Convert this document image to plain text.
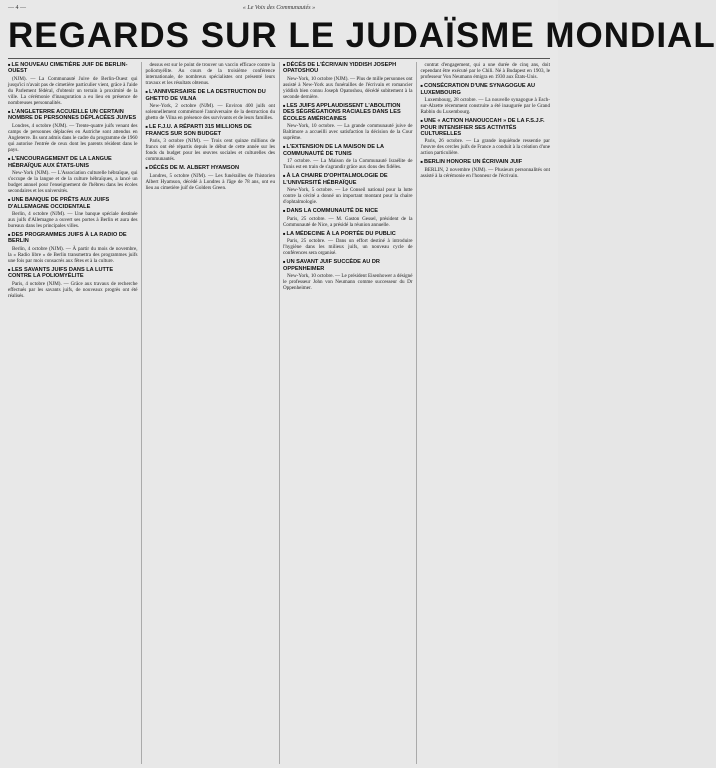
— 4 —	« Le Voix des Communautés »
REGARDS SUR LE JUDAÏSME MONDIAL
■ LE NOUVEAU CIMETIÈRE JUIF DE BERLIN-OUEST

(NJM). — La Communauté Juive de Berlin-Ouest qui jusqu'ici n'avait pas de cimetière particulier vient, grâce à l'aide du Parlement fédéral, d'obtenir un terrain à proximité de la ville. La cérémonie d'inauguration a eu lieu en présence de nombreuses personnalités.

■ L'ANGLETERRE ACCUEILLE UN CERTAIN NOMBRE DE PERSONNES DÉPLACÉES JUIVES

Londres, 4 octobre (NJM). — Trente-quatre juifs venant des camps de personnes déplacées en Autriche sont attendus en Angleterre. Ils sont admis dans le cadre du programme de 1960 qui autorise l'entrée de ceux dont les parents résident dans le pays.

■ L'ENCOURAGEMENT DE LA LANGUE HÉBRAÏQUE AUX ÉTATS-UNIS

New-York (NJM). — L'Association culturelle hébraïque, qui s'occupe de la langue et de la culture hébraïques, a lancé un budget annuel pour l'enseignement de l'hébreu dans les écoles secondaires et les universités.

■ UNE BANQUE DE PRÊTS AUX JUIFS D'ALLEMAGNE OCCIDENTALE

Berlin, 4 octobre (NJM). — Une banque spéciale destinée aux juifs d'Allemagne a ouvert ses portes à Berlin et aura des bureaux dans les principales villes.

■ DES PROGRAMMES JUIFS À LA RADIO DE BERLIN

Berlin, 4 octobre (NJM). — À partir du mois de novembre, la « Radio libre » de Berlin transmettra des programmes juifs une fois par mois consacrés aux fêtes et à la culture.

■ LES SAVANTS JUIFS DANS LA LUTTE CONTRE LA POLIOMYÉLITE

Paris, 4 octobre (NJM). — Grâce aux travaux de recherche effectués par les savants juifs, de nouveaux progrès ont été réalisés.

dessus est sur le point de trouver un vaccin efficace contre la poliomyélite. Au cours de la troisième conférence internationale, de nombreux spécialistes ont présenté leurs travaux et les résultats obtenus.

■ L'ANNIVERSAIRE DE LA DESTRUCTION DU GHETTO DE VILNA

New-York, 2 octobre (NJM). — Environ 400 juifs ont solennellement commémoré l'anniversaire de la destruction du ghetto de Vilna en présence des survivants et de leurs familles.

■ LE F.J.U. A RÉPARTI 315 MILLIONS DE FRANCS SUR SON BUDGET

Paris, 3 octobre (NJM). — Trois cent quinze millions de francs ont été répartis depuis le début de cette année sur les fonds du budget pour les œuvres sociales et culturelles des communautés.

■ DÉCÈS DE M. ALBERT HYAMSON

Londres, 5 octobre (NJM). — Les funérailles de l'historien Albert Hyamson, décédé à Londres à l'âge de 78 ans, ont eu lieu au cimetière juif de Golders Green.

■ DÉCÈS DE L'ÉCRIVAIN YIDDISH JOSEPH OPATOSHOU

New-York, 10 octobre (NJM). — Plus de mille personnes ont assisté à New-York aux funérailles de l'écrivain et romancier yiddish bien connu Joseph Opatoshou, décédé subitement à la seconde dernière.

■ LES JUIFS APPLAUDISSENT L'ABOLITION DES SÉGRÉGATIONS RACIALES DANS LES ÉCOLES AMÉRICAINES

New-York, 10 octobre. — La grande communauté juive de Baltimore a accueilli avec satisfaction la décision de la Cour suprême.

■ L'EXTENSION DE LA MAISON DE LA COMMUNAUTÉ DE TUNIS

17 octobre. — La Maison de la Communauté Israélite de Tunis est en train de s'agrandir grâce aux dons des fidèles.

■ À LA CHAIRE D'OPHTALMOLOGIE DE L'UNIVERSITÉ HÉBRAÏQUE

New-York, 5 octobre. — Le Conseil national pour la lutte contre la cécité a donné un important montant pour la chaire d'ophtalmologie.

■ DANS LA COMMUNAUTÉ DE NICE

Paris, 25 octobre. — M. Gaston Gessel, président de la Communauté de Nice, a présidé la réunion annuelle.

■ LA MÉDECINE À LA PORTÉE DU PUBLIC

Paris, 25 octobre. — Dans un effort destiné à introduire l'hygiène dans les milieux juifs, un nouveau cycle de conférences sera organisé.

■ UN SAVANT JUIF SUCCÈDE AU DR OPPENHEIMER

New-York, 10 octobre. — Le président Eisenhower a désigné le professeur John von Neumann comme successeur du Dr Oppenheimer.

contrat d'engagement, qui a une durée de cinq ans, doit cependant être exécuté par le Chili. Né à Budapest en 1903, le professeur Von Neumann émigra en 1930 aux États-Unis.

■ CONSÉCRATION D'UNE SYNAGOGUE AU LUXEMBOURG

Luxembourg, 28 octobre. — La nouvelle synagogue à Esch-sur-Alzette récemment construite a été inaugurée par le Grand Rabbin du Luxembourg.

■ UNE « ACTION HANOUCCAH » DE LA F.S.J.F. POUR INTENSIFIER SES ACTIVITÉS CULTURELLES

Paris, 26 octobre. — La grande inquiétude ressentie par l'œuvre des cercles juifs de France a conduit à la création d'une action particulière.

■ BERLIN HONORE UN ÉCRIVAIN JUIF

BERLIN, 2 novembre (NJM). — Plusieurs personnalités ont assisté à la cérémonie en l'honneur de l'écrivain.
